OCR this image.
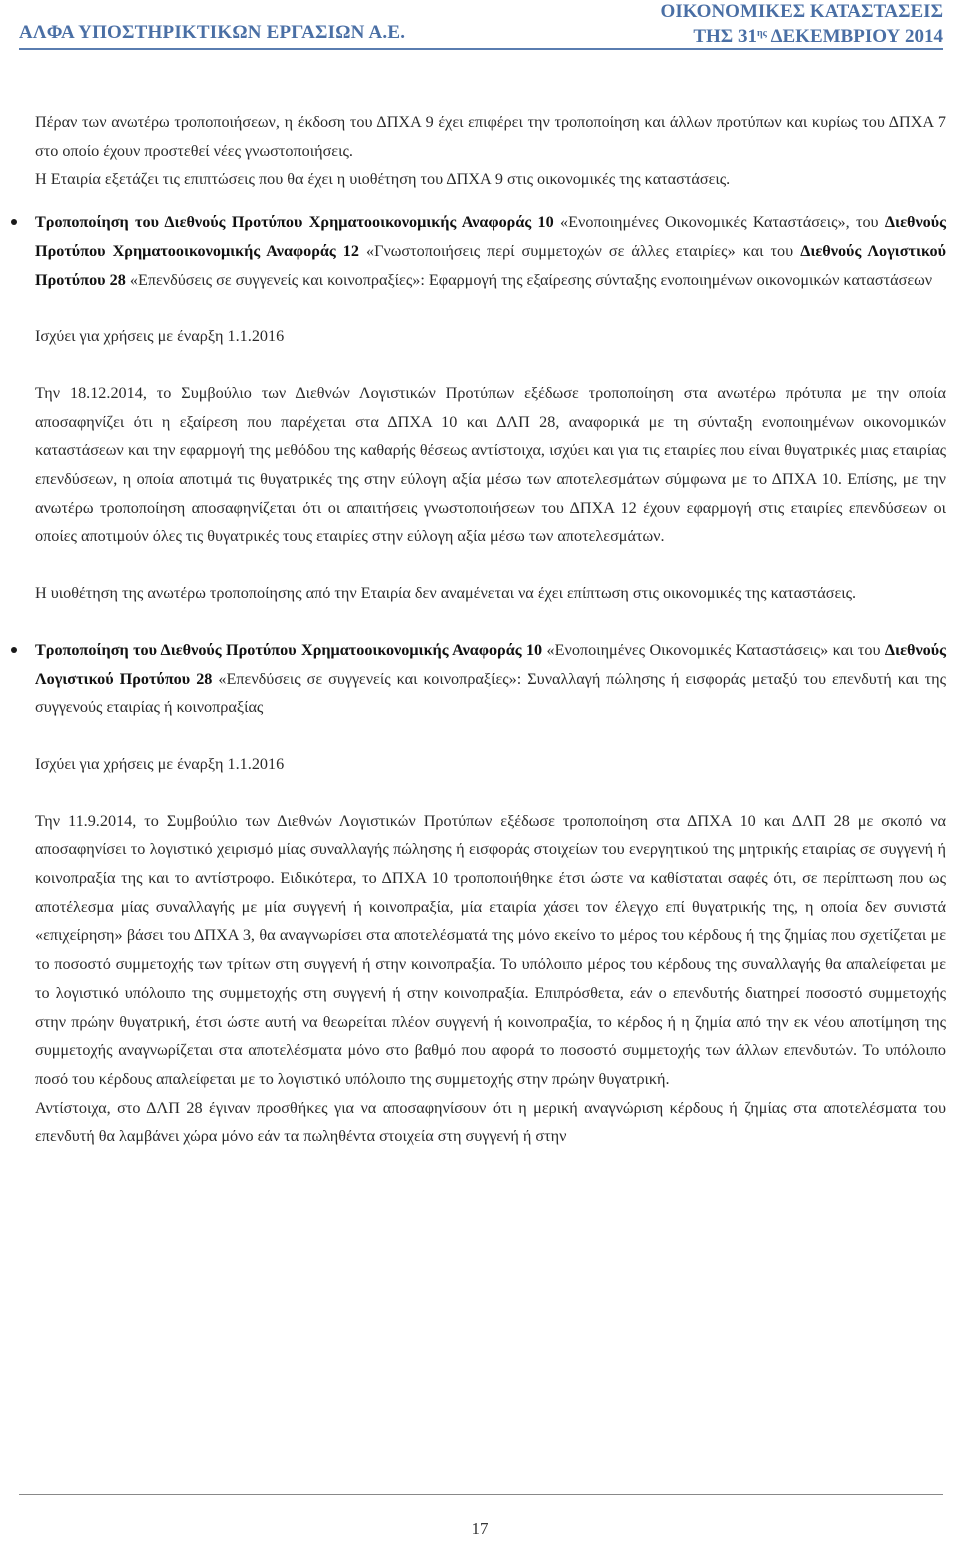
ΑΛΦΑ ΥΠΟΣΤΗΡΙΚΤΙΚΩΝ ΕΡΓΑΣΙΩΝ Α.Ε.
ΟΙΚΟΝΟΜΙΚΕΣ ΚΑΤΑΣΤΑΣΕΙΣ
ΤΗΣ $31^{\eta\varsigma}$ ΔΕΚΕΜΒΡΙΟΥ 2014

Πέραν των ανωτέρω τροποποιήσεων, η έκδοση του ΔΠΧΑ 9 έχει επιφέρει την τροποποίηση και άλλων προτύπων και κυρίως του ΔΠΧΑ 7 στο οποίο έχουν προστεθεί νέες γνωστοποιήσεις.

Η Εταιρία εξετάζει τις επιπτώσεις που θα έχει η υιοθέτηση του ΔΠΧΑ 9 στις οικονομικές της καταστάσεις.

Τροποποίηση του Διεθνούς Προτύπου Χρηματοοικονομικής Αναφοράς 10 «Ενοποιημένες Οικονομικές Καταστάσεις», του Διεθνούς Προτύπου Χρηματοοικονομικής Αναφοράς 12 «Γνωστοποιήσεις περί συμμετοχών σε άλλες εταιρίες» και του Διεθνούς Λογιστικού Προτύπου 28 «Επενδύσεις σε συγγενείς και κοινοπραξίες»: Εφαρμογή της εξαίρεσης σύνταξης ενοποιημένων οικονομικών καταστάσεων

Ισχύει για χρήσεις με έναρξη 1.1.2016

Την 18.12.2014, το Συμβούλιο των Διεθνών Λογιστικών Προτύπων εξέδωσε τροποποίηση στα ανωτέρω πρότυπα με την οποία αποσαφηνίζει ότι η εξαίρεση που παρέχεται στα ΔΠΧΑ 10 και ΔΛΠ 28, αναφορικά με τη σύνταξη ενοποιημένων οικονομικών καταστάσεων και την εφαρμογή της μεθόδου της καθαρής θέσεως αντίστοιχα, ισχύει και για τις εταιρίες που είναι θυγατρικές μιας εταιρίας επενδύσεων, η οποία αποτιμά τις θυγατρικές της στην εύλογη αξία μέσω των αποτελεσμάτων σύμφωνα με το ΔΠΧΑ 10. Επίσης, με την ανωτέρω τροποποίηση αποσαφηνίζεται ότι οι απαιτήσεις γνωστοποιήσεων του ΔΠΧΑ 12 έχουν εφαρμογή στις εταιρίες επενδύσεων οι οποίες αποτιμούν όλες τις θυγατρικές τους εταιρίες στην εύλογη αξία μέσω των αποτελεσμάτων.

Η υιοθέτηση της ανωτέρω τροποποίησης από την Εταιρία δεν αναμένεται να έχει επίπτωση στις οικονομικές της καταστάσεις.

Τροποποίηση του Διεθνούς Προτύπου Χρηματοοικονομικής Αναφοράς 10 «Ενοποιημένες Οικονομικές Καταστάσεις» και του Διεθνούς Λογιστικού Προτύπου 28 «Επενδύσεις σε συγγενείς και κοινοπραξίες»: Συναλλαγή πώλησης ή εισφοράς μεταξύ του επενδυτή και της συγγενούς εταιρίας ή κοινοπραξίας

Ισχύει για χρήσεις με έναρξη 1.1.2016

Την 11.9.2014, το Συμβούλιο των Διεθνών Λογιστικών Προτύπων εξέδωσε τροποποίηση στα ΔΠΧΑ 10 και ΔΛΠ 28 με σκοπό να αποσαφηνίσει το λογιστικό χειρισμό μίας συναλλαγής πώλησης ή εισφοράς στοιχείων του ενεργητικού της μητρικής εταιρίας σε συγγενή ή κοινοπραξία της και το αντίστροφο. Ειδικότερα, το ΔΠΧΑ 10 τροποποιήθηκε έτσι ώστε να καθίσταται σαφές ότι, σε περίπτωση που ως αποτέλεσμα μίας συναλλαγής με μία συγγενή ή κοινοπραξία, μία εταιρία χάσει τον έλεγχο επί θυγατρικής της, η οποία δεν συνιστά «επιχείρηση» βάσει του ΔΠΧΑ 3, θα αναγνωρίσει στα αποτελέσματά της μόνο εκείνο το μέρος του κέρδους ή της ζημίας που σχετίζεται με το ποσοστό συμμετοχής των τρίτων στη συγγενή ή στην κοινοπραξία. Το υπόλοιπο μέρος του κέρδους της συναλλαγής θα απαλείφεται με το λογιστικό υπόλοιπο της συμμετοχής στη συγγενή ή στην κοινοπραξία. Επιπρόσθετα, εάν ο επενδυτής διατηρεί ποσοστό συμμετοχής στην πρώην θυγατρική, έτσι ώστε αυτή να θεωρείται πλέον συγγενή ή κοινοπραξία, το κέρδος ή η ζημία από την εκ νέου αποτίμηση της συμμετοχής αναγνωρίζεται στα αποτελέσματα μόνο στο βαθμό που αφορά το ποσοστό συμμετοχής των άλλων επενδυτών. Το υπόλοιπο ποσό του κέρδους απαλείφεται με το λογιστικό υπόλοιπο της συμμετοχής στην πρώην θυγατρική.

Αντίστοιχα, στο ΔΛΠ 28 έγιναν προσθήκες για να αποσαφηνίσουν ότι η μερική αναγνώριση κέρδους ή ζημίας στα αποτελέσματα του επενδυτή θα λαμβάνει χώρα μόνο εάν τα πωληθέντα στοιχεία στη συγγενή ή στην

17
